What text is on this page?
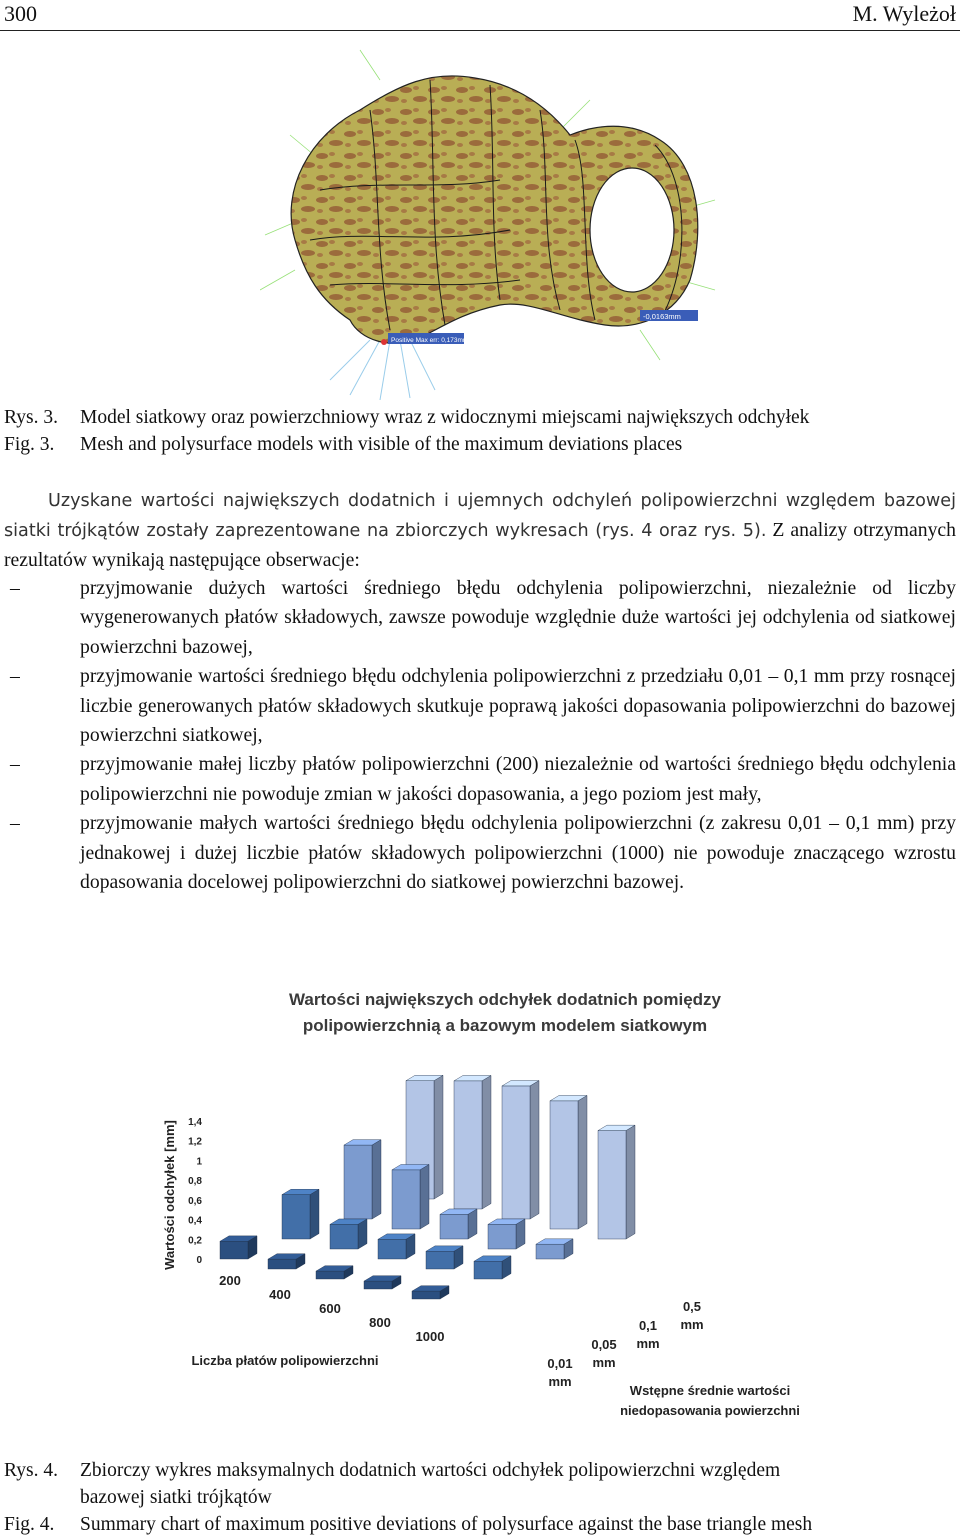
300	M. Wyleżoł
-0,0163mm
Positive Max err: 0,173mm
Rys. 3. Model siatkowy oraz powierzchniowy wraz z widocznymi miejscami największych odchyłek
Fig. 3. Mesh and polysurface models with visible of the maximum deviations places
Uzyskane wartości największych dodatnich i ujemnych odchyleń polipowierzchni względem bazowej siatki trójkątów zostały zaprezentowane na zbiorczych wykresach (rys. 4 oraz rys. 5). Z analizy otrzymanych rezultatów wynikają następujące obserwacje:
–	przyjmowanie dużych wartości średniego błędu odchylenia polipowierzchni, niezależnie od liczby wygenerowanych płatów składowych, zawsze powoduje względnie duże wartości jej odchylenia od siatkowej powierzchni bazowej,
–	przyjmowanie wartości średniego błędu odchylenia polipowierzchni z przedziału 0,01 – 0,1 mm przy rosnącej liczbie generowanych płatów składowych skutkuje poprawą jakości dopasowania polipowierzchni do bazowej powierzchni siatkowej,
–	przyjmowanie małej liczby płatów polipowierzchni (200) niezależnie od wartości średniego błędu odchylenia polipowierzchni nie powoduje zmian w jakości dopasowania, a jego poziom jest mały,
–	przyjmowanie małych wartości średniego błędu odchylenia polipowierzchni (z zakresu 0,01 – 0,1 mm) przy jednakowej i dużej liczbie płatów składowych polipowierzchni (1000) nie powoduje znaczącego wzrostu dopasowania docelowej polipowierzchni do siatkowej powierzchni bazowej.
Wartości największych odchyłek dodatnich pomiędzy
polipowierzchnią a bazowym modelem siatkowym
Wartości odchyłek [mm] 0
0,2
0,4
0,6
0,8
1
1,2
1,4
200
400
600
800
1000
0,01
mm
0,05
mm
0,1
mm
0,5
mm
Liczba płatów polipowierzchni
Wstępne średnie wartości
niedopasowania powierzchni
Rys. 4. Zbiorczy wykres maksymalnych dodatnich wartości odchyłek polipowierzchni względem
bazowej siatki trójkątów
Fig. 4. Summary chart of maximum positive deviations of polysurface against the base triangle mesh
